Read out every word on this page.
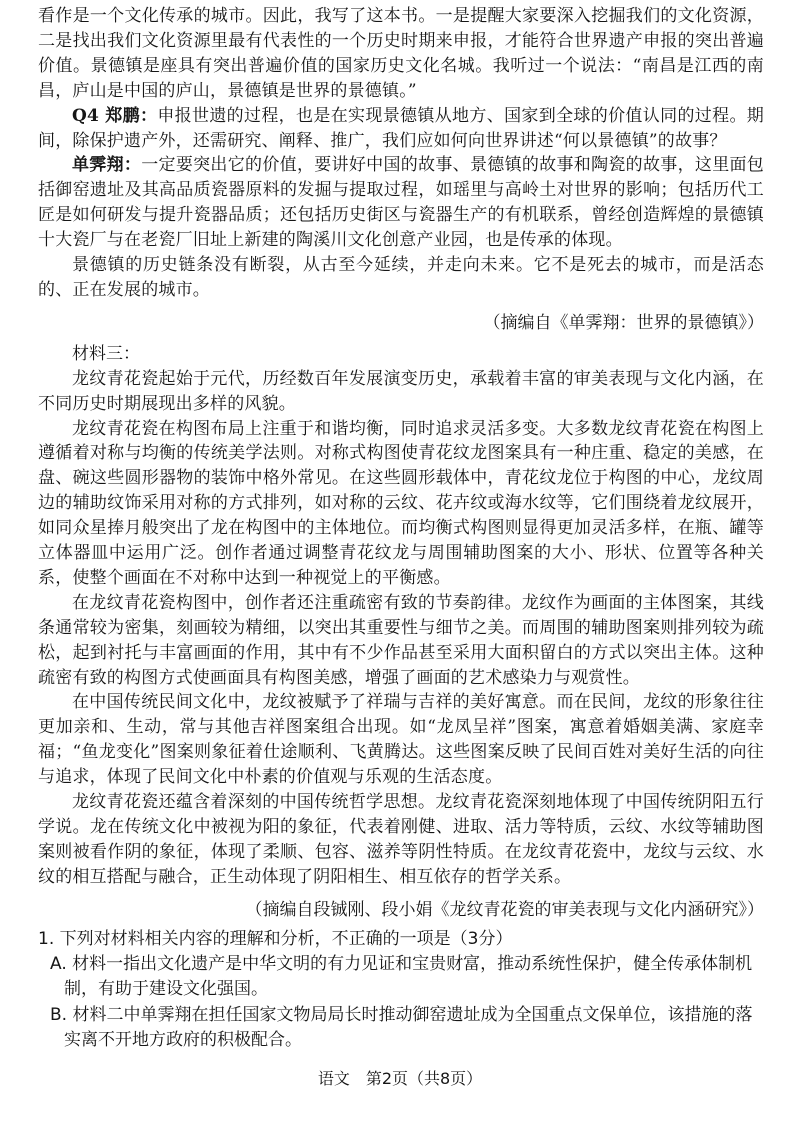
看作是一个文化传承的城市。因此，我写了这本书。一是提醒大家要深入挖掘我们的文化资源，二是找出我们文化资源里最有代表性的一个历史时期来申报，才能符合世界遗产申报的突出普遍价值。景德镇是座具有突出普遍价值的国家历史文化名城。我听过一个说法：“南昌是江西的南昌，庐山是中国的庐山，景德镇是世界的景德镇。”

Q4 郑鹏：申报世遗的过程，也是在实现景德镇从地方、国家到全球的价值认同的过程。期间，除保护遗产外，还需研究、阐释、推广，我们应如何向世界讲述“何以景德镇”的故事？

单霁翔：一定要突出它的价值，要讲好中国的故事、景德镇的故事和陶瓷的故事，这里面包括御窑遗址及其高品质瓷器原料的发掘与提取过程，如瑶里与高岭土对世界的影响；包括历代工匠是如何研发与提升瓷器品质；还包括历史街区与瓷器生产的有机联系，曾经创造辉煌的景德镇十大瓷厂与在老瓷厂旧址上新建的陶溪川文化创意产业园，也是传承的体现。

景德镇的历史链条没有断裂，从古至今延续，并走向未来。它不是死去的城市，而是活态的、正在发展的城市。

（摘编自《单霁翔：世界的景德镇》）

材料三：

龙纹青花瓷起始于元代，历经数百年发展演变历史，承载着丰富的审美表现与文化内涵，在不同历史时期展现出多样的风貌。

龙纹青花瓷在构图布局上注重于和谐均衡，同时追求灵活多变。大多数龙纹青花瓷在构图上遵循着对称与均衡的传统美学法则。对称式构图使青花纹龙图案具有一种庄重、稳定的美感，在盘、碗这些圆形器物的装饰中格外常见。在这些圆形载体中，青花纹龙位于构图的中心，龙纹周边的辅助纹饰采用对称的方式排列，如对称的云纹、花卉纹或海水纹等，它们围绕着龙纹展开，如同众星捧月般突出了龙在构图中的主体地位。而均衡式构图则显得更加灵活多样，在瓶、罐等立体器皿中运用广泛。创作者通过调整青花纹龙与周围辅助图案的大小、形状、位置等各种关系，使整个画面在不对称中达到一种视觉上的平衡感。

在龙纹青花瓷构图中，创作者还注重疏密有致的节奏韵律。龙纹作为画面的主体图案，其线条通常较为密集，刻画较为精细，以突出其重要性与细节之美。而周围的辅助图案则排列较为疏松，起到衬托与丰富画面的作用，其中有不少作品甚至采用大面积留白的方式以突出主体。这种疏密有致的构图方式使画面具有构图美感，增强了画面的艺术感染力与观赏性。

在中国传统民间文化中，龙纹被赋予了祥瑞与吉祥的美好寓意。而在民间，龙纹的形象往往更加亲和、生动，常与其他吉祥图案组合出现。如“龙凤呈祥”图案，寓意着婚姻美满、家庭幸福；“鱼龙变化”图案则象征着仕途顺利、飞黄腾达。这些图案反映了民间百姓对美好生活的向往与追求，体现了民间文化中朴素的价值观与乐观的生活态度。

龙纹青花瓷还蕴含着深刻的中国传统哲学思想。龙纹青花瓷深刻地体现了中国传统阴阳五行学说。龙在传统文化中被视为阳的象征，代表着刚健、进取、活力等特质，云纹、水纹等辅助图案则被看作阴的象征，体现了柔顺、包容、滋养等阴性特质。在龙纹青花瓷中，龙纹与云纹、水纹的相互搭配与融合，正生动体现了阴阳相生、相互依存的哲学关系。

（摘编自段铖刚、段小娟《龙纹青花瓷的审美表现与文化内涵研究》）

1. 下列对材料相关内容的理解和分析，不正确的一项是（3分）

A. 材料一指出文化遗产是中华文明的有力见证和宝贵财富，推动系统性保护，健全传承体制机制，有助于建设文化强国。

B. 材料二中单霁翔在担任国家文物局局长时推动御窑遗址成为全国重点文保单位，该措施的落实离不开地方政府的积极配合。

语文　第2页（共8页）
